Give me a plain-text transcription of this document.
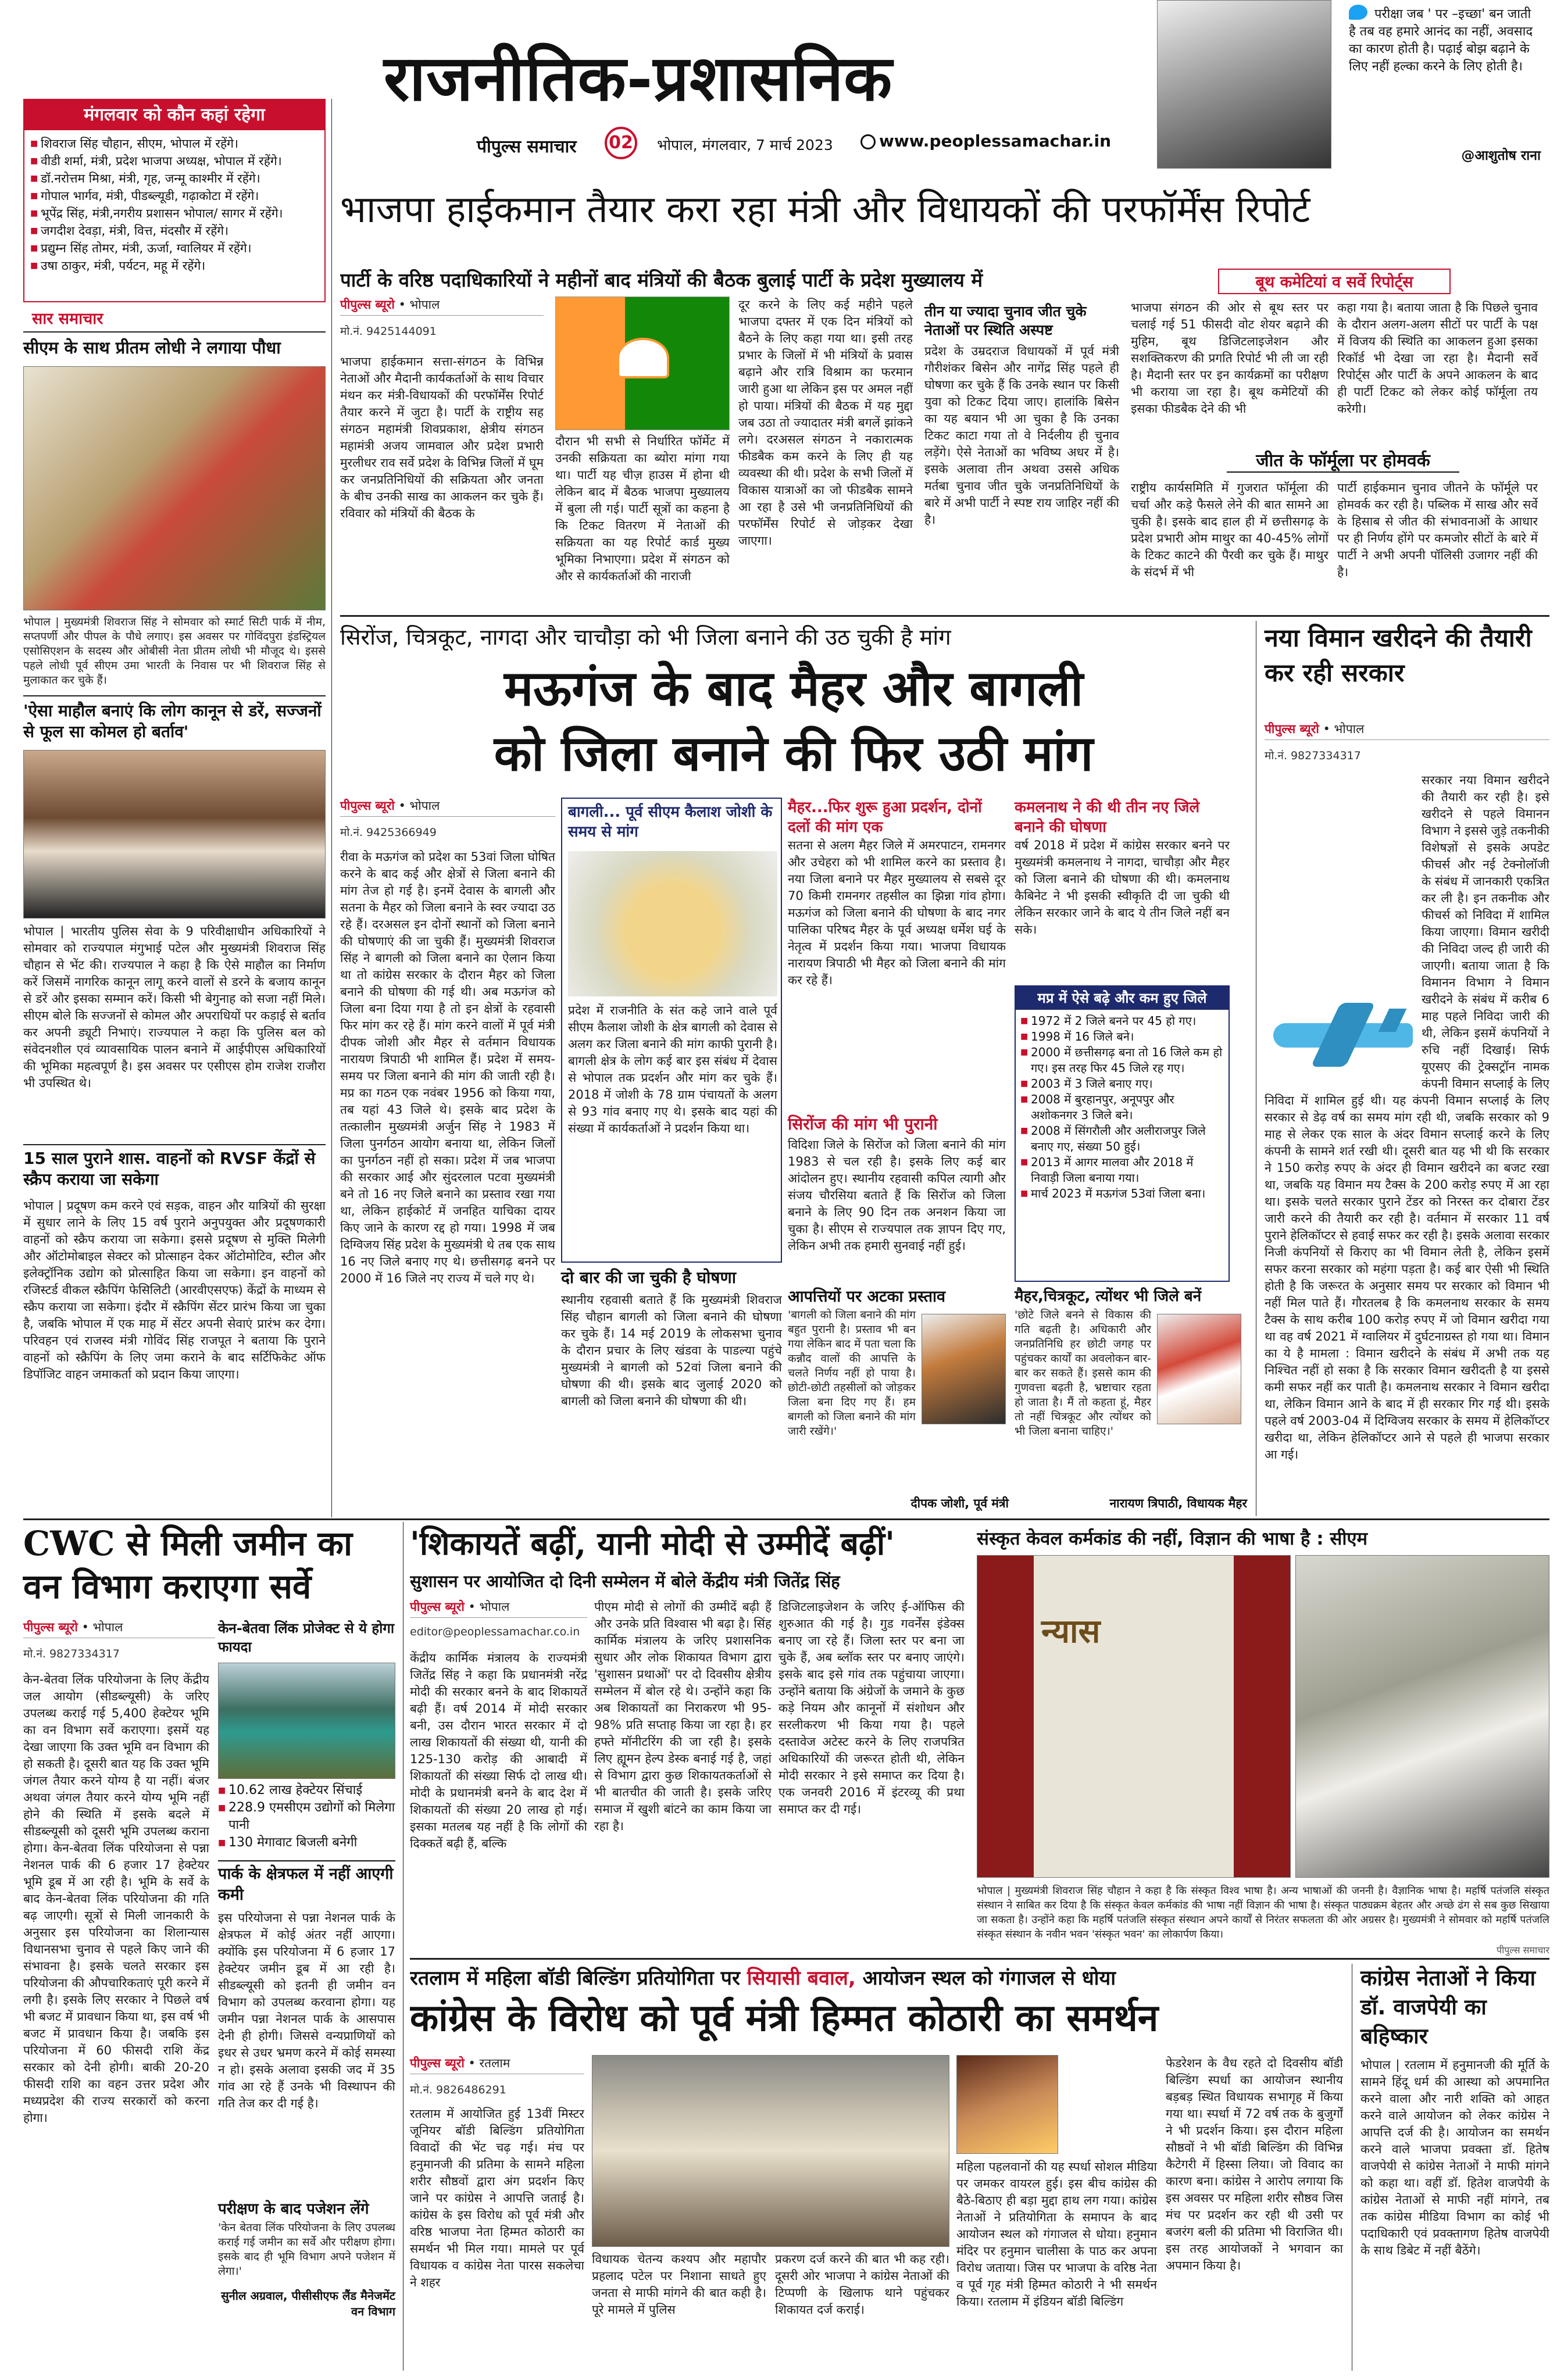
राजनीतिक-प्रशासनिक
पीपुल्स समाचार 02 भोपाल, मंगलवार, 7 मार्च 2023	www.peoplessamachar.in
परीक्षा जब ' पर –इच्छा' बन जाती है तब वह हमारे आनंद का नहीं, अवसाद का कारण होती है। पढ़ाई बोझ बढ़ाने के लिए नहीं हल्का करने के लिए होती है।
@आशुतोष राना
मंगलवार को कौन कहां रहेगा
■ शिवराज सिंह चौहान, सीएम, भोपाल में रहेंगे।
■ वीडी शर्मा, मंत्री, प्रदेश भाजपा अध्यक्ष, भोपाल में रहेंगे।
■ डॉ.नरोत्तम मिश्रा, मंत्री, गृह, जन्मू काश्मीर में रहेंगे।
■ गोपाल भार्गव, मंत्री, पीडब्ल्यूडी, गढ़ाकोटा में रहेंगे।
■ भूपेंद्र सिंह, मंत्री,नगरीय प्रशासन भोपाल/ सागर में रहेंगे।
■ जगदीश देवड़ा, मंत्री, वित्त, मंदसौर में रहेंगे।
■ प्रद्युम्न सिंह तोमर, मंत्री, ऊर्जा, ग्वालियर में रहेंगे।
■ उषा ठाकुर, मंत्री, पर्यटन, महू में रहेंगे।
सार समाचार
सीएम के साथ प्रीतम लोधी ने लगाया पौधा
भोपाल | मुख्यमंत्री शिवराज सिंह ने सोमवार को स्मार्ट सिटी पार्क में नीम, सप्तपर्णी और पीपल के पौधे लगाए। इस अवसर पर गोविंदपुरा इंडस्ट्रियल एसोसिएशन के सदस्य और ओबीसी नेता प्रीतम लोधी भी मौजूद थे। इससे पहले लोधी पूर्व सीएम उमा भारती के निवास पर भी शिवराज सिंह से मुलाकात कर चुके हैं।
'ऐसा माहौल बनाएं कि लोग कानून से डरें, सज्जनों से फूल सा कोमल हो बर्ताव'
भोपाल | भारतीय पुलिस सेवा के 9 परिवीक्षाधीन अधिकारियों ने सोमवार को राज्यपाल मंगुभाई पटेल और मुख्यमंत्री शिवराज सिंह चौहान से भेंट की। राज्यपाल ने कहा है कि ऐसे माहौल का निर्माण करें जिसमें नागरिक कानून लागू करने वालों से डरने के बजाय कानून से डरें और इसका सम्मान करें। किसी भी बेगुनाह को सजा नहीं मिले। सीएम बोले कि सज्जनों से कोमल और अपराधियों पर कड़ाई से बर्ताव कर अपनी ड्यूटी निभाएं। राज्यपाल ने कहा कि पुलिस बल को संवेदनशील एवं व्यावसायिक पालन बनाने में आईपीएस अधिकारियों की भूमिका महत्वपूर्ण है। इस अवसर पर एसीएस होम राजेश राजौरा भी उपस्थित थे।
15 साल पुराने शास. वाहनों को RVSF केंद्रों से स्क्रैप कराया जा सकेगा
भोपाल | प्रदूषण कम करने एवं सड़क, वाहन और यात्रियों की सुरक्षा में सुधार लाने के लिए 15 वर्ष पुराने अनुपयुक्त और प्रदूषणकारी वाहनों को स्क्रैप कराया जा सकेगा। इससे प्रदूषण से मुक्ति मिलेगी और ऑटोमोबाइल सेक्टर को प्रोत्साहन देकर ऑटोमोटिव, स्टील और इलेक्ट्रॉनिक उद्योग को प्रोत्साहित किया जा सकेगा। इन वाहनों को रजिस्टर्ड वीकल स्क्रैपिंग फेसिलिटी (आरवीएसएफ) केंद्रों के माध्यम से स्क्रैप कराया जा सकेगा। इंदौर में स्क्रैपिंग सेंटर प्रारंभ किया जा चुका है, जबकि भोपाल में एक माह में सेंटर अपनी सेवाएं प्रारंभ कर देगा। परिवहन एवं राजस्व मंत्री गोविंद सिंह राजपूत ने बताया कि पुराने वाहनों को स्क्रैपिंग के लिए जमा कराने के बाद सर्टिफिकेट ऑफ डिपॉजिट वाहन जमाकर्ता को प्रदान किया जाएगा।
भाजपा हाईकमान तैयार करा रहा मंत्री और विधायकों की परफॉर्मेंस रिपोर्ट
पार्टी के वरिष्ठ पदाधिकारियों ने महीनों बाद मंत्रियों की बैठक बुलाई पार्टी के प्रदेश मुख्यालय में
पीपुल्स ब्यूरो • भोपाल
मो.नं. 9425144091
भाजपा हाईकमान सत्ता-संगठन के विभिन्न नेताओं और मैदानी कार्यकर्ताओं के साथ विचार मंथन कर मंत्री-विधायकों की परफॉर्मेंस रिपोर्ट तैयार करने में जुटा है। पार्टी के राष्ट्रीय सह संगठन महामंत्री शिवप्रकाश, क्षेत्रीय संगठन महामंत्री अजय जामवाल और प्रदेश प्रभारी मुरलीधर राव सर्वे प्रदेश के विभिन्न जिलों में घूम कर जनप्रतिनिधियों की सक्रियता और जनता के बीच उनकी साख का आकलन कर चुके हैं। रविवार को मंत्रियों की बैठक के
दौरान भी सभी से निर्धारित फॉर्मेट में उनकी सक्रियता का ब्योरा मांगा गया था। पार्टी यह चीज़ हाउस में होना थी लेकिन बाद में बैठक भाजपा मुख्यालय में बुला ली गई। पार्टी सूत्रों का कहना है कि टिकट वितरण में नेताओं की सक्रियता का यह रिपोर्ट कार्ड मुख्य भूमिका निभाएगा। प्रदेश में संगठन को और से कार्यकर्ताओं की नाराजी
दूर करने के लिए कई महीने पहले भाजपा दफ्तर में एक दिन मंत्रियों को बैठने के लिए कहा गया था। इसी तरह प्रभार के जिलों में भी मंत्रियों के प्रवास बढ़ाने और रात्रि विश्राम का फरमान जारी हुआ था लेकिन इस पर अमल नहीं हो पाया। मंत्रियों की बैठक में यह मुद्दा जब उठा तो ज्यादातर मंत्री बगलें झांकने लगे। दरअसल संगठन ने नकारात्मक फीडबैक कम करने के लिए ही यह व्यवस्था की थी। प्रदेश के सभी जिलों में विकास यात्राओं का जो फीडबैक सामने आ रहा है उसे भी जनप्रतिनिधियों की परफॉर्मेंस रिपोर्ट से जोड़कर देखा जाएगा।
तीन या ज्यादा चुनाव जीत चुके नेताओं पर स्थिति अस्पष्ट
प्रदेश के उम्रदराज विधायकों में पूर्व मंत्री गौरीशंकर बिसेन और नागेंद्र सिंह पहले ही घोषणा कर चुके हैं कि उनके स्थान पर किसी युवा को टिकट दिया जाए। हालांकि बिसेन का यह बयान भी आ चुका है कि उनका टिकट काटा गया तो वे निर्दलीय ही चुनाव लड़ेंगे। ऐसे नेताओं का भविष्य अधर में है। इसके अलावा तीन अथवा उससे अधिक मर्तबा चुनाव जीत चुके जनप्रतिनिधियों के बारे में अभी पार्टी ने स्पष्ट राय जाहिर नहीं की है।
बूथ कमेटियां व सर्वे रिपोर्ट्स
भाजपा संगठन की ओर से बूथ स्तर पर चलाई गई 51 फीसदी वोट शेयर बढ़ाने की मुहिम, बूथ डिजिटलाइजेशन और सशक्तिकरण की प्रगति रिपोर्ट भी ली जा रही है। मैदानी स्तर पर इन कार्यक्रमों का परीक्षण भी कराया जा रहा है। बूथ कमेटियों की इसका फीडबैक देने की भी
कहा गया है। बताया जाता है कि पिछले चुनाव के दौरान अलग-अलग सीटों पर पार्टी के पक्ष में विजय की स्थिति का आकलन हुआ इसका रिकॉर्ड भी देखा जा रहा है। मैदानी सर्वे रिपोर्ट्स और पार्टी के अपने आकलन के बाद ही पार्टी टिकट को लेकर कोई फॉर्मूला तय करेगी।
जीत के फॉर्मूला पर होमवर्क
राष्ट्रीय कार्यसमिति में गुजरात फॉर्मूला की चर्चा और कड़े फैसले लेने की बात सामने आ चुकी है। इसके बाद हाल ही में छत्तीसगढ़ के प्रदेश प्रभारी ओम माथुर का 40-45% लोगों के टिकट काटने की पैरवी कर चुके हैं। माथुर के संदर्भ में भी
पार्टी हाईकमान चुनाव जीतने के फॉर्मूले पर होमवर्क कर रही है। पब्लिक में साख और सर्वे के हिसाब से जीत की संभावनाओं के आधार पर ही निर्णय होंगे पर कमजोर सीटों के बारे में पार्टी ने अभी अपनी पॉलिसी उजागर नहीं की है।
सिरोंज, चित्रकूट, नागदा और चाचौड़ा को भी जिला बनाने की उठ चुकी है मांग
मऊगंज के बाद मैहर और बागली
को जिला बनाने की फिर उठी मांग
पीपुल्स ब्यूरो • भोपाल
मो.नं. 9425366949
रीवा के मऊगंज को प्रदेश का 53वां जिला घोषित करने के बाद कई और क्षेत्रों से जिला बनाने की मांग तेज हो गई है। इनमें देवास के बागली और सतना के मैहर को जिला बनाने के स्वर ज्यादा उठ रहे हैं। दरअसल इन दोनों स्थानों को जिला बनाने की घोषणाएं की जा चुकी हैं। मुख्यमंत्री शिवराज सिंह ने बागली को जिला बनाने का ऐलान किया था तो कांग्रेस सरकार के दौरान मैहर को जिला बनाने की घोषणा की गई थी। अब मऊगंज को जिला बना दिया गया है तो इन क्षेत्रों के रहवासी फिर मांग कर रहे हैं। मांग करने वालों में पूर्व मंत्री दीपक जोशी और मैहर से वर्तमान विधायक नारायण त्रिपाठी भी शामिल हैं। प्रदेश में समय-समय पर जिला बनाने की मांग की जाती रही है। मप्र का गठन एक नवंबर 1956 को किया गया, तब यहां 43 जिले थे। इसके बाद प्रदेश के तत्कालीन मुख्यमंत्री अर्जुन सिंह ने 1983 में जिला पुनर्गठन आयोग बनाया था, लेकिन जिलों का पुनर्गठन नहीं हो सका। प्रदेश में जब भाजपा की सरकार आई और सुंदरलाल पटवा मुख्यमंत्री बने तो 16 नए जिले बनाने का प्रस्ताव रखा गया था, लेकिन हाईकोर्ट में जनहित याचिका दायर किए जाने के कारण रद्द हो गया। 1998 में जब दिग्विजय सिंह प्रदेश के मुख्यमंत्री थे तब एक साथ 16 नए जिले बनाए गए थे। छत्तीसगढ़ बनने पर 2000 में 16 जिले नए राज्य में चले गए थे।
बागली... पूर्व सीएम कैलाश जोशी के समय से मांग
प्रदेश में राजनीति के संत कहे जाने वाले पूर्व सीएम कैलाश जोशी के क्षेत्र बागली को देवास से अलग कर जिला बनाने की मांग काफी पुरानी है। बागली क्षेत्र के लोग कई बार इस संबंध में देवास से भोपाल तक प्रदर्शन और मांग कर चुके हैं। 2018 में जोशी के 78 ग्राम पंचायतों के अलग से 93 गांव बनाए गए थे। इसके बाद यहां की संख्या में कार्यकर्ताओं ने प्रदर्शन किया था।
दो बार की जा चुकी है घोषणा
स्थानीय रहवासी बताते हैं कि मुख्यमंत्री शिवराज सिंह चौहान बागली को जिला बनाने की घोषणा कर चुके हैं। 14 मई 2019 के लोकसभा चुनाव के दौरान प्रचार के लिए खंडवा के पाडल्या पहुंचे मुख्यमंत्री ने बागली को 52वां जिला बनाने की घोषणा की थी। इसके बाद जुलाई 2020 को बागली को जिला बनाने की घोषणा की थी।
मैहर...फिर शुरू हुआ प्रदर्शन, दोनों दलों की मांग एक
सतना से अलग मैहर जिले में अमरपाटन, रामनगर और उचेहरा को भी शामिल करने का प्रस्ताव है। नया जिला बनाने पर मैहर मुख्यालय से सबसे दूर 70 किमी रामनगर तहसील का झिन्ना गांव होगा। मऊगंज को जिला बनाने की घोषणा के बाद नगर पालिका परिषद मैहर के पूर्व अध्यक्ष धर्मेश घई के नेतृत्व में प्रदर्शन किया गया। भाजपा विधायक नारायण त्रिपाठी भी मैहर को जिला बनाने की मांग कर रहे हैं।
सिरोंज की मांग भी पुरानी
विदिशा जिले के सिरोंज को जिला बनाने की मांग 1983 से चल रही है। इसके लिए कई बार आंदोलन हुए। स्थानीय रहवासी कपिल त्यागी और संजय चौरसिया बताते हैं कि सिरोंज को जिला बनाने के लिए 90 दिन तक अनशन किया जा चुका है। सीएम से राज्यपाल तक ज्ञापन दिए गए, लेकिन अभी तक हमारी सुनवाई नहीं हुई।
कमलनाथ ने की थी तीन नए जिले बनाने की घोषणा
वर्ष 2018 में प्रदेश में कांग्रेस सरकार बनने पर मुख्यमंत्री कमलनाथ ने नागदा, चाचौड़ा और मैहर को जिला बनाने की घोषणा की थी। कमलनाथ कैबिनेट ने भी इसकी स्वीकृति दी जा चुकी थी लेकिन सरकार जाने के बाद ये तीन जिले नहीं बन सके।
मप्र में ऐसे बढ़े और कम हुए जिले
■ 1972 में 2 जिले बनने पर 45 हो गए।
■ 1998 में 16 जिले बने।
■ 2000 में छत्तीसगढ़ बना तो 16 जिले कम हो गए। इस तरह फिर 45 जिले रह गए।
■ 2003 में 3 जिले बनाए गए।
■ 2008 में बुरहानपुर, अनूपपुर और अशोकनगर 3 जिले बने।
■ 2008 में सिंगरौली और अलीराजपुर जिले बनाए गए, संख्या 50 हुई।
■ 2013 में आगर मालवा और 2018 में निवाड़ी जिला बनाया गया।
■ मार्च 2023 में मऊगंज 53वां जिला बना।
आपत्तियों पर अटका प्रस्ताव
'बागली को जिला बनाने की मांग बहुत पुरानी है। प्रस्ताव भी बन गया लेकिन बाद में पता चला कि कन्नौद वालों की आपत्ति के चलते निर्णय नहीं हो पाया है। छोटी-छोटी तहसीलों को जोड़कर जिला बना दिए गए हैं। हम बागली को जिला बनाने की मांग जारी रखेंगे।'
दीपक जोशी, पूर्व मंत्री
मैहर,चित्रकूट, त्योंथर भी जिले बनें
'छोटे जिले बनने से विकास की गति बढ़ती है। अधिकारी और जनप्रतिनिधि हर छोटी जगह पर पहुंचकर कार्यों का अवलोकन बार-बार कर सकते हैं। इससे काम की गुणवत्ता बढ़ती है, भ्रष्टाचार रहता हो जाता है। मैं तो कहता हूं, मैहर तो नहीं चित्रकूट और त्योंथर को भी जिला बनाना चाहिए।'
नारायण त्रिपाठी, विधायक मैहर
नया विमान खरीदने की तैयारी कर रही सरकार
पीपुल्स ब्यूरो • भोपाल
मो.नं. 9827334317
सरकार नया विमान खरीदने की तैयारी कर रही है। इसे खरीदने से पहले विमानन विभाग ने इससे जुड़े तकनीकी विशेषज्ञों से इसके अपडेट फीचर्स और नई टेक्नोलॉजी के संबंध में जानकारी एकत्रित कर ली है। इन तकनीक और फीचर्स को निविदा में शामिल किया जाएगा। विमान खरीदी की निविदा जल्द ही जारी की जाएगी। बताया जाता है कि विमानन विभाग ने विमान खरीदने के संबंध में करीब 6 माह पहले निविदा जारी की थी, लेकिन इसमें कंपनियों ने रुचि नहीं दिखाई। सिर्फ यूएसए की ट्रेक्सट्रॉन नामक कंपनी विमान सप्लाई के लिए निविदा में शामिल हुई थी। यह कंपनी विमान सप्लाई के लिए सरकार से डेढ़ वर्ष का समय मांग रही थी, जबकि सरकार को 9 माह से लेकर एक साल के अंदर विमान सप्लाई करने के लिए कंपनी के सामने शर्त रखी थी। दूसरी बात यह भी थी कि सरकार ने 150 करोड़ रुपए के अंदर ही विमान खरीदने का बजट रखा था, जबकि यह विमान मय टैक्स के 200 करोड़ रुपए में आ रहा था। इसके चलते सरकार पुराने टेंडर को निरस्त कर दोबारा टेंडर जारी करने की तैयारी कर रही है। वर्तमान में सरकार 11 वर्ष पुराने हेलिकॉप्टर से हवाई सफर कर रही है। इसके अलावा सरकार निजी कंपनियों से किराए का भी विमान लेती है, लेकिन इसमें सफर करना सरकार को महंगा पड़ता है। कई बार ऐसी भी स्थिति होती है कि जरूरत के अनुसार समय पर सरकार को विमान भी नहीं मिल पाते हैं। गौरतलब है कि कमलनाथ सरकार के समय टैक्स के साथ करीब 100 करोड़ रुपए में जो विमान खरीदा गया था वह वर्ष 2021 में ग्वालियर में दुर्घटनाग्रस्त हो गया था। विमान का ये है मामला : विमान खरीदने के संबंध में अभी तक यह निश्चित नहीं हो सका है कि सरकार विमान खरीदती है या इससे कमी सफर नहीं कर पाती है। कमलनाथ सरकार ने विमान खरीदा था, लेकिन विमान आने के बाद में ही सरकार गिर गई थी। इसके पहले वर्ष 2003-04 में दिग्विजय सरकार के समय में हेलिकॉप्टर खरीदा था, लेकिन हेलिकॉप्टर आने से पहले ही भाजपा सरकार आ गई।
CWC से मिली जमीन का
वन विभाग कराएगा सर्वे
पीपुल्स ब्यूरो • भोपाल
मो.नं. 9827334317
केन-बेतवा लिंक परियोजना के लिए केंद्रीय जल आयोग (सीडब्ल्यूसी) के जरिए उपलब्ध कराई गई 5,400 हेक्टेयर भूमि का वन विभाग सर्वे कराएगा। इसमें यह देखा जाएगा कि उक्त भूमि वन विभाग की हो सकती है। दूसरी बात यह कि उक्त भूमि जंगल तैयार करने योग्य है या नहीं। बंजर अथवा जंगल तैयार करने योग्य भूमि नहीं होने की स्थिति में इसके बदले में सीडब्ल्यूसी को दूसरी भूमि उपलब्ध कराना होगा। केन-बेतवा लिंक परियोजना से पन्ना नेशनल पार्क की 6 हजार 17 हेक्टेयर भूमि डूब में आ रही है। भूमि के सर्वे के बाद केन-बेतवा लिंक परियोजना की गति बढ़ जाएगी। सूत्रों से मिली जानकारी के अनुसार इस परियोजना का शिलान्यास विधानसभा चुनाव से पहले किए जाने की संभावना है। इसके चलते सरकार इस परियोजना की औपचारिकताएं पूरी करने में लगी है। इसके लिए सरकार ने पिछले वर्ष भी बजट में प्रावधान किया था, इस वर्ष भी बजट में प्रावधान किया है। जबकि इस परियोजना में 60 फीसदी राशि केंद्र सरकार को देनी होगी। बाकी 20-20 फीसदी राशि का वहन उत्तर प्रदेश और मध्यप्रदेश की राज्य सरकारों को करना होगा।
केन-बेतवा लिंक प्रोजेक्ट से ये होगा फायदा
■ 10.62 लाख हेक्टेयर सिंचाई
■ 228.9 एमसीएम उद्योगों को मिलेगा पानी
■ 130 मेगावाट बिजली बनेगी
पार्क के क्षेत्रफल में नहीं आएगी कमी
इस परियोजना से पन्ना नेशनल पार्क के क्षेत्रफल में कोई अंतर नहीं आएगा। क्योंकि इस परियोजना में 6 हजार 17 हेक्टेयर जमीन डूब में आ रही है। सीडब्ल्यूसी को इतनी ही जमीन वन विभाग को उपलब्ध करवाना होगा। यह जमीन पन्ना नेशनल पार्क के आसपास देनी ही होगी। जिससे वन्यप्राणियों को इधर से उधर भ्रमण करने में कोई समस्या न हो। इसके अलावा इसकी जद में 35 गांव आ रहे हैं उनके भी विस्थापन की गति तेज कर दी गई है।
परीक्षण के बाद पजेशन लेंगे
'केन बेतवा लिंक परियोजना के लिए उपलब्ध कराई गई जमीन का सर्वे और परीक्षण होगा। इसके बाद ही भूमि विभाग अपने पजेशन में लेगा।'
सुनील अग्रवाल, पीसीसीएफ लैंड मैनेजमेंट वन विभाग
'शिकायतें बढ़ीं, यानी मोदी से उम्मीदें बढ़ीं'
सुशासन पर आयोजित दो दिनी सम्मेलन में बोले केंद्रीय मंत्री जितेंद्र सिंह
पीपुल्स ब्यूरो • भोपाल
editor@peoplessamachar.co.in
केंद्रीय कार्मिक मंत्रालय के राज्यमंत्री जितेंद्र सिंह ने कहा कि प्रधानमंत्री नरेंद्र मोदी की सरकार बनने के बाद शिकायतें बढ़ी हैं। वर्ष 2014 में मोदी सरकार बनी, उस दौरान भारत सरकार में दो लाख शिकायतों की संख्या थी, यानी की 125-130 करोड़ की आबादी में शिकायतों की संख्या सिर्फ दो लाख थी। मोदी के प्रधानमंत्री बनने के बाद देश में शिकायतों की संख्या 20 लाख हो गई। इसका मतलब यह नहीं है कि लोगों की दिक्कतें बढ़ी हैं, बल्कि
पीएम मोदी से लोगों की उम्मीदें बढ़ी हैं और उनके प्रति विश्वास भी बढ़ा है। सिंह कार्मिक मंत्रालय के जरिए प्रशासनिक सुधार और लोक शिकायत विभाग द्वारा 'सुशासन प्रथाओं' पर दो दिवसीय क्षेत्रीय सम्मेलन में बोल रहे थे। उन्होंने कहा कि अब शिकायतों का निराकरण भी 95-98% प्रति सप्ताह किया जा रहा है। हर हफ्ते मॉनीटरिंग की जा रही है। इसके लिए ह्यूमन हेल्प डेस्क बनाई गई है, जहां से विभाग द्वारा कुछ शिकायतकर्ताओं से भी बातचीत की जाती है। इसके जरिए समाज में खुशी बांटने का काम किया जा रहा है।
डिजिटलाइजेशन के जरिए ई-ऑफिस की शुरुआत की गई है। गुड गवर्नेंस इंडेक्स बनाए जा रहे हैं। जिला स्तर पर बना जा चुके हैं, अब ब्लॉक स्तर पर बनाए जाएंगे। इसके बाद इसे गांव तक पहुंचाया जाएगा। उन्होंने बताया कि अंग्रेजों के जमाने के कुछ कड़े नियम और कानूनों में संशोधन और सरलीकरण भी किया गया है। पहले दस्तावेज अटेस्ट करने के लिए राजपत्रित अधिकारियों की जरूरत होती थी, लेकिन मोदी सरकार ने इसे समाप्त कर दिया है। एक जनवरी 2016 में इंटरव्यू की प्रथा समाप्त कर दी गई।
संस्कृत केवल कर्मकांड की नहीं, विज्ञान की भाषा है : सीएम
न्यास
भोपाल | मुख्यमंत्री शिवराज सिंह चौहान ने कहा है कि संस्कृत विश्व भाषा है। अन्य भाषाओं की जननी है। वैज्ञानिक भाषा है। महर्षि पतंजलि संस्कृत संस्थान ने साबित कर दिया है कि संस्कृत केवल कर्मकांड की भाषा नहीं विज्ञान की भाषा है। संस्कृत पाठ्यक्रम बेहतर और अच्छे ढंग से सब कुछ सिखाया जा सकता है। उन्होंने कहा कि महर्षि पतंजलि संस्कृत संस्थान अपने कार्यों से निरंतर सफलता की ओर अग्रसर है। मुख्यमंत्री ने सोमवार को महर्षि पतंजलि संस्कृत संस्थान के नवीन भवन 'संस्कृत भवन' का लोकार्पण किया।
पीपुल्स समाचार
रतलाम में महिला बॉडी बिल्डिंग प्रतियोगिता पर सियासी बवाल, आयोजन स्थल को गंगाजल से धोया
कांग्रेस के विरोध को पूर्व मंत्री हिम्मत कोठारी का समर्थन
पीपुल्स ब्यूरो • रतलाम
मो.नं. 9826486291
रतलाम में आयोजित हुई 13वीं मिस्टर जूनियर बॉडी बिल्डिंग प्रतियोगिता विवादों की भेंट चढ़ गई। मंच पर हनुमानजी की प्रतिमा के सामने महिला शरीर सौष्ठवों द्वारा अंग प्रदर्शन किए जाने पर कांग्रेस ने आपत्ति जताई है। कांग्रेस के इस विरोध को पूर्व मंत्री और वरिष्ठ भाजपा नेता हिम्मत कोठारी का समर्थन भी मिल गया। मामले पर पूर्व विधायक व कांग्रेस नेता पारस सकलेचा ने शहर
विधायक चेतन्य कश्यप और महापौर प्रहलाद पटेल पर निशाना साधते हुए जनता से माफी मांगने की बात कही है। पूरे मामले में पुलिस
प्रकरण दर्ज करने की बात भी कह रही। दूसरी ओर भाजपा ने कांग्रेस नेताओं की टिप्पणी के खिलाफ थाने पहुंचकर शिकायत दर्ज कराई।
महिला पहलवानों की यह स्पर्धा सोशल मीडिया पर जमकर वायरल हुई। इस बीच कांग्रेस की बैठे-बिठाए ही बड़ा मुद्दा हाथ लग गया। कांग्रेस नेताओं ने प्रतियोगिता के समापन के बाद आयोजन स्थल को गंगाजल से धोया। हनुमान मंदिर पर हनुमान चालीसा के पाठ कर अपना विरोध जताया। जिस पर भाजपा के वरिष्ठ नेता व पूर्व गृह मंत्री हिम्मत कोठारी ने भी समर्थन किया। रतलाम में इंडियन बॉडी बिल्डिंग
फेडरेशन के वैध रहते दो दिवसीय बॉडी बिल्डिंग स्पर्धा का आयोजन स्थानीय बड़बड़ स्थित विधायक सभागृह में किया गया था। स्पर्धा में 72 वर्ष तक के बुजुर्गों ने भी प्रदर्शन किया। इस दौरान महिला सौष्ठवों ने भी बॉडी बिल्डिंग की विभिन्न कैटेगरी में हिस्सा लिया। जो विवाद का कारण बना। कांग्रेस ने आरोप लगाया कि इस अवसर पर महिला शरीर सौष्ठव जिस मंच पर प्रदर्शन कर रही थी उसी पर बजरंग बली की प्रतिमा भी विराजित थी। इस तरह आयोजकों ने भगवान का अपमान किया है।
कांग्रेस नेताओं ने किया डॉ. वाजपेयी का बहिष्कार
भोपाल | रतलाम में हनुमानजी की मूर्ति के सामने हिंदू धर्म की आस्था को अपमानित करने वाला और नारी शक्ति को आहत करने वाले आयोजन को लेकर कांग्रेस ने आपत्ति दर्ज की है। आयोजन का समर्थन करने वाले भाजपा प्रवक्ता डॉ. हितेष वाजपेयी से कांग्रेस नेताओं ने माफी मांगने को कहा था। वहीं डॉ. हितेश वाजपेयी के कांग्रेस नेताओं से माफी नहीं मांगने, तब तक कांग्रेस मीडिया विभाग का कोई भी पदाधिकारी एवं प्रवक्तागण हितेष वाजपेयी के साथ डिबेट में नहीं बैठेंगे।
